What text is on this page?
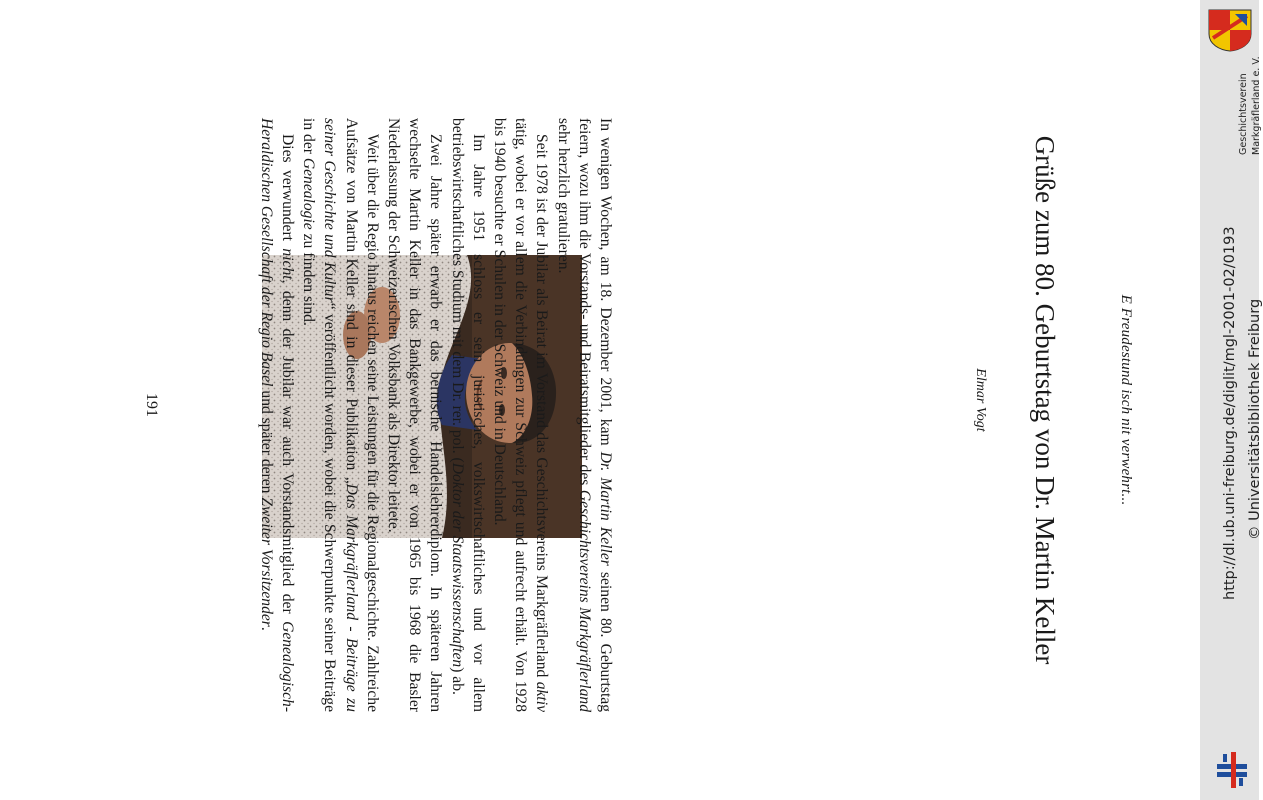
E Freudestund isch nit verwehrt...
Grüße zum 80. Geburtstag von Dr. Martin Keller
Elmar Vogt

In wenigen Wochen, am 18. Dezember 2001, kam Dr. Martin Keller seinen 80. Geburtstag feiern, wozu ihm die Vorstands- und Beiratsmitglieder des Geschichtsvereins Markgräflerland sehr herzlich gratulieren.

Seit 1978 ist der Jubilar als Beirat im Vorstand das Geschichtsvereins Markgräflerland aktiv tätig, wobei er vor allem die Verbindungen zur Schweiz pflegt und aufrecht erhält. Von 1928 bis 1940 besuchte er Schulen in der Schweiz und in Deutschland.

Im Jahre 1951 schloss er sein juristisches, volkswirtschaftliches und vor allem betriebswirtschaftliches Studium mit dem Dr. rer. pol. (Doktor der Staatswissenschaften) ab.

Zwei Jahre später erwarb er das bernische Handelslehrerdiplom. In späteren Jahren wechselte Martin Keller in das Bankgewerbe, wobei er von 1965 bis 1968 die Basler Niederlassung der Schweizerischen Volksbank als Direktor leitete.

Weit über die Regio hinaus reichen seine Leistungen für die Regionalgeschichte. Zahlreiche Aufsätze von Martin Keller sind in dieser Publikation „Das Markgräflerland - Beiträge zu seiner Geschichte und Kultur“ veröffentlicht worden, wobei die Schwerpunkte seiner Beiträge in der Genealogie zu finden sind.

Dies verwundert nicht, denn der Jubilar war auch Vorstandsmitglied der Genealogisch-Heraldischen Gesellschaft der Regio Basel und später deren Zweiter Vorsitzender.

191
Geschichtsverein Markgräflerland e. V.
http://dl.ub.uni-freiburg.de/diglit/mgl-2001-02/0193 © Universitätsbibliothek Freiburg
